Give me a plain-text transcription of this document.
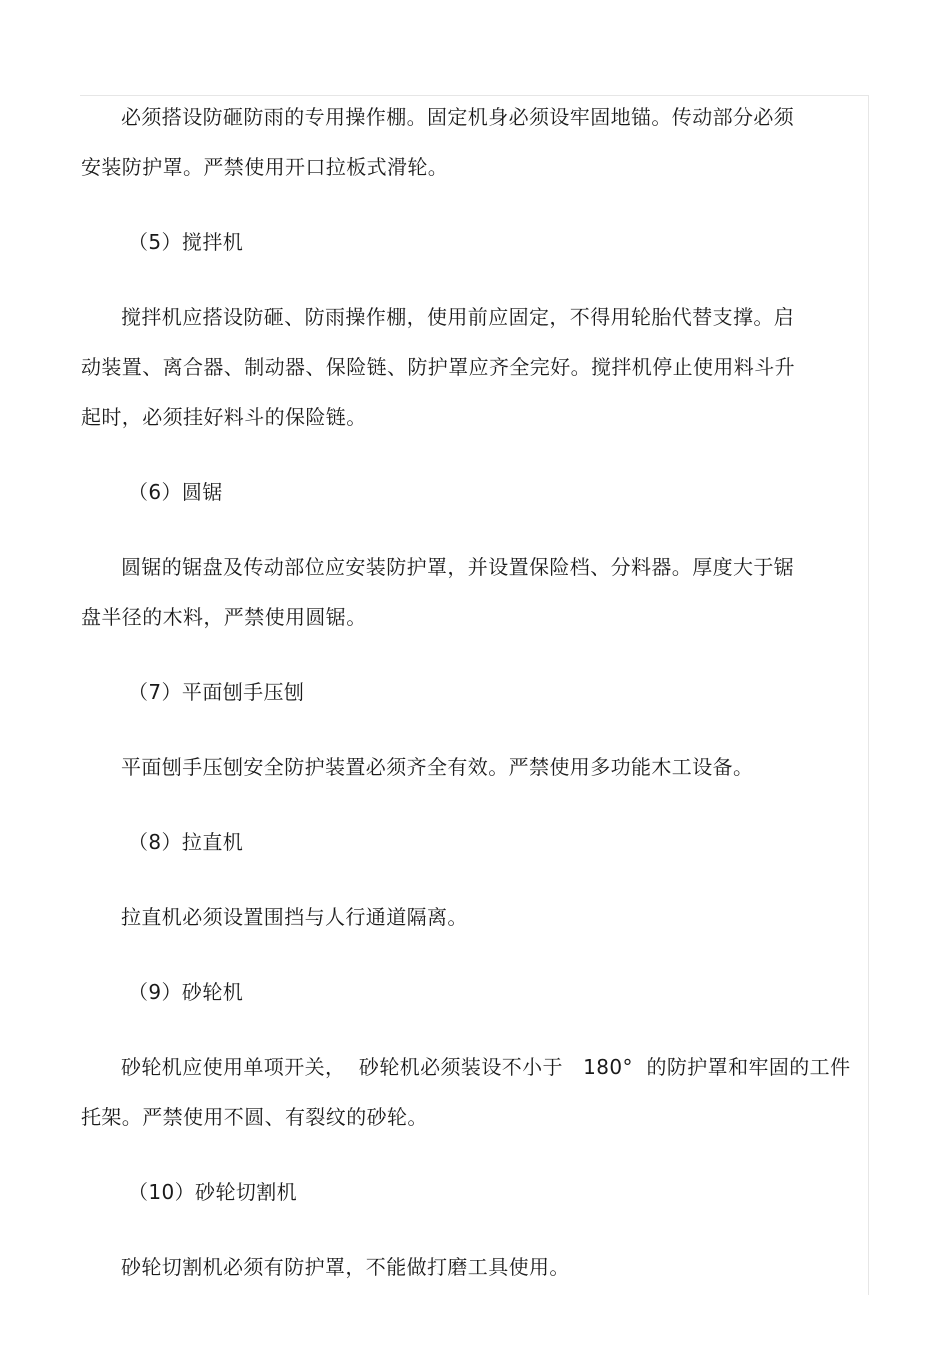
必须搭设防砸防雨的专用操作棚。固定机身必须设牢固地锚。传动部分必须

安装防护罩。严禁使用开口拉板式滑轮。

（5）搅拌机

搅拌机应搭设防砸、防雨操作棚，使用前应固定，不得用轮胎代替支撑。启

动装置、离合器、制动器、保险链、防护罩应齐全完好。搅拌机停止使用料斗升

起时，必须挂好料斗的保险链。

（6）圆锯

圆锯的锯盘及传动部位应安装防护罩，并设置保险档、分料器。厚度大于锯

盘半径的木料，严禁使用圆锯。

（7）平面刨手压刨

平面刨手压刨安全防护装置必须齐全有效。严禁使用多功能木工设备。

（8）拉直机

拉直机必须设置围挡与人行通道隔离。

（9）砂轮机

砂轮机应使用单项开关，  砂轮机必须装设不小于   180°  的防护罩和牢固的工件

托架。严禁使用不圆、有裂纹的砂轮。

（10）砂轮切割机

砂轮切割机必须有防护罩，不能做打磨工具使用。
